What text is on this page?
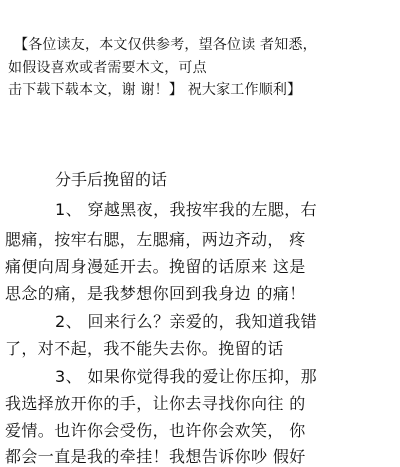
【各位读友，本文仅供参考，望各位读 者知悉，
如假设喜欢或者需要木文，可点
击下载下载本文，谢 谢！】 祝大家工作顺利】
分手后挽留的话
1、 穿越黑夜，我按牢我的左腮，右
腮痛，按牢右腮，左腮痛，两边齐动， 疼
痛便向周身漫延开去。挽留的话原来 这是
思念的痛，是我梦想你回到我身边 的痛！
2、 回来行么？亲爱的，我知道我错
了，对不起，我不能失去你。挽留的话
3、 如果你觉得我的爱让你压抑，那
我选择放开你的手，让你去寻找你向往 的
爱情。也许你会受伤，也许你会欢笑， 你
都会一直是我的牵挂！我想告诉你吵 假好
